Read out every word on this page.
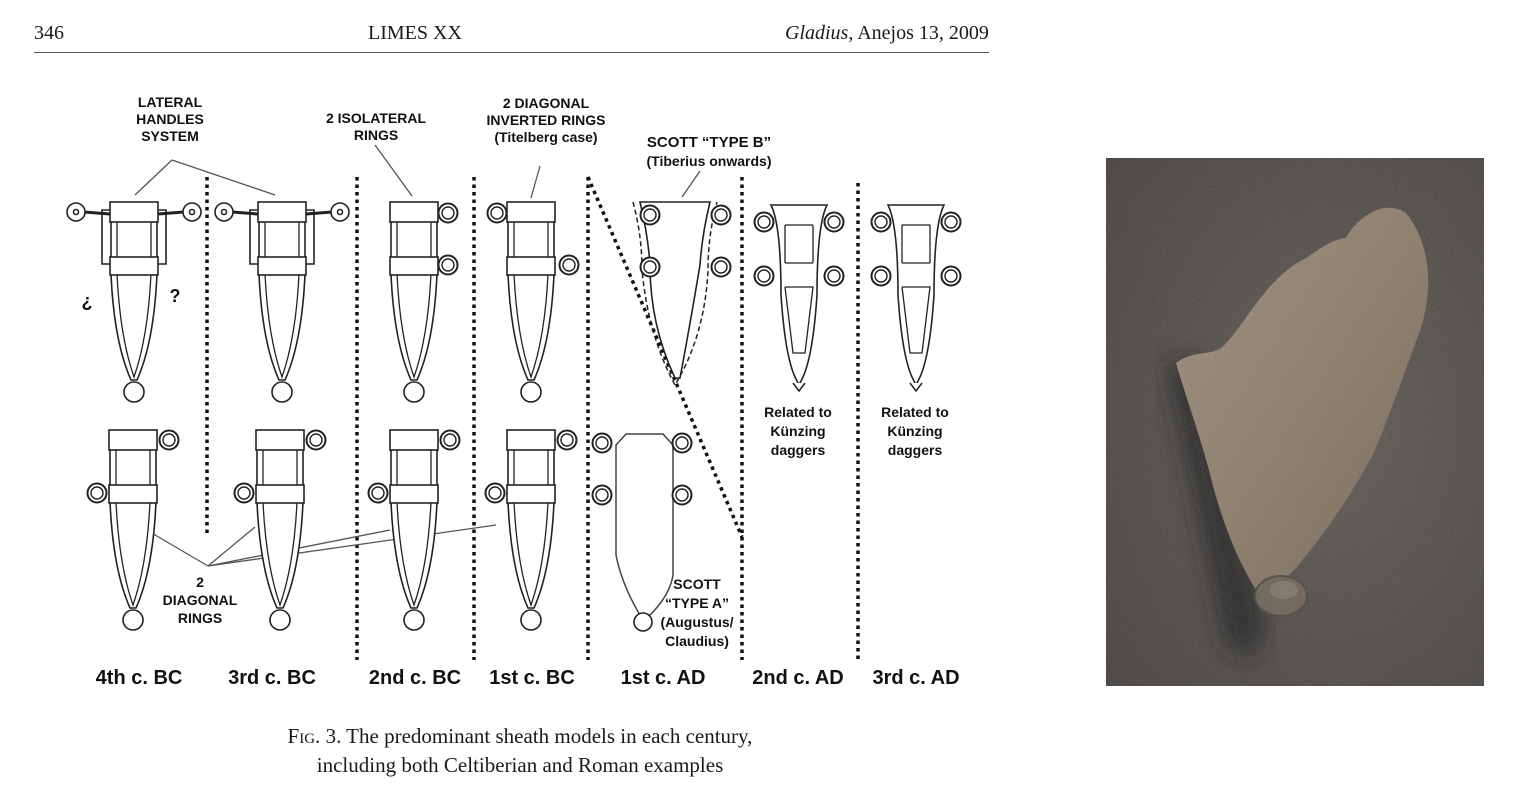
346	LIMES XX	Gladius, Anejos 13, 2009
LATERAL HANDLES SYSTEM
2 ISOLATERAL RINGS
2 DIAGONAL INVERTED RINGS (Titelberg case)	SCOTT “TYPE B” (Tiberius onwards)
¿	?
2 DIAGONAL RINGS
SCOTT “TYPE A” (Augustus/ Claudius)
Related to Künzing daggers
Related to Künzing daggers
4th c. BC 3rd c. BC	2nd c. BC 1st c. BC 1st c. AD 2nd c. AD 3rd c. AD
Fig. 3. The predominant sheath models in each century,
including both Celtiberian and Roman examples
